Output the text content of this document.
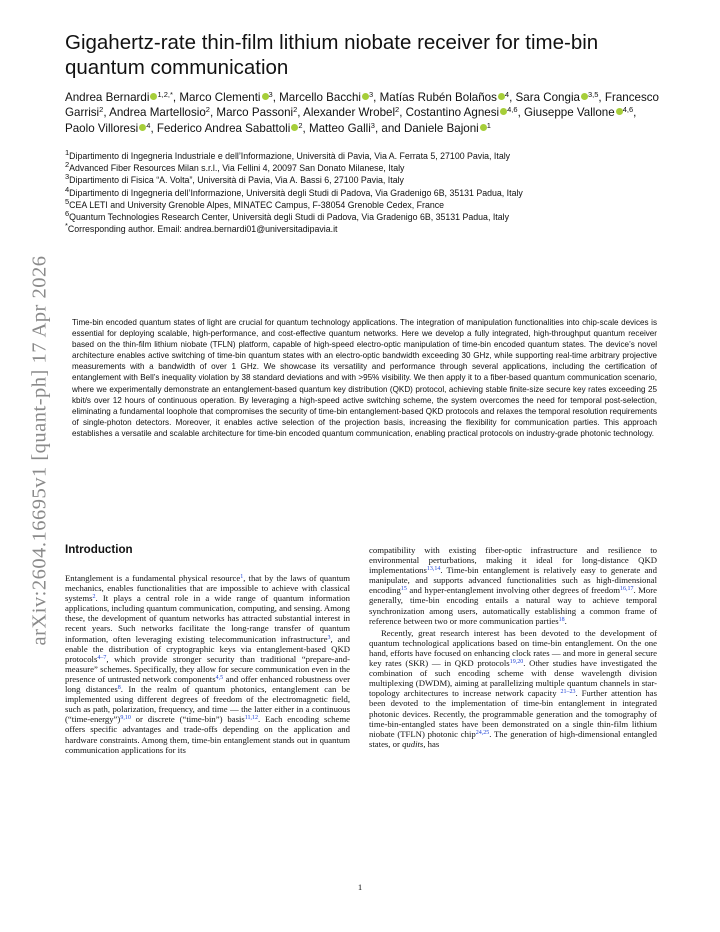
arXiv:2604.16695v1 [quant-ph] 17 Apr 2026
Gigahertz-rate thin-film lithium niobate receiver for time-bin quantum communication
Andrea Bernardi $^{1,2,*}$, Marco Clementi $^3$, Marcello Bacchi $^3$, Matías Rubén Bolaños $^4$, Sara Congia $^{3,5}$, Francesco Garrisi$^2$, Andrea Martellosio$^2$, Marco Passoni$^2$, Alexander Wrobel$^2$, Costantino Agnesi $^{4,6}$, Giuseppe Vallone $^{4,6}$, Paolo Villoresi $^4$, Federico Andrea Sabattoli $^2$, Matteo Galli$^3$, and Daniele Bajoni $^1$
$^1$Dipartimento di Ingegneria Industriale e dell’Informazione, Università di Pavia, Via A. Ferrata 5, 27100 Pavia, Italy
$^2$Advanced Fiber Resources Milan s.r.l., Via Fellini 4, 20097 San Donato Milanese, Italy
$^3$Dipartimento di Fisica “A. Volta”, Università di Pavia, Via A. Bassi 6, 27100 Pavia, Italy
$^4$Dipartimento di Ingegneria dell’Informazione, Università degli Studi di Padova, Via Gradenigo 6B, 35131 Padua, Italy
$^5$CEA LETI and University Grenoble Alpes, MINATEC Campus, F-38054 Grenoble Cedex, France
$^6$Quantum Technologies Research Center, Università degli Studi di Padova, Via Gradenigo 6B, 35131 Padua, Italy
*Corresponding author. Email: andrea.bernardi01@universitadipavia.it
Time-bin encoded quantum states of light are crucial for quantum technology applications. The integration of manipulation functionalities into chip-scale devices is essential for deploying scalable, high-performance, and cost-effective quantum networks. Here we develop a fully integrated, high-throughput quantum receiver based on the thin-film lithium niobate (TFLN) platform, capable of high-speed electro-optic manipulation of time-bin encoded quantum states. The device’s novel architecture enables active switching of time-bin quantum states with an electro-optic bandwidth exceeding 30 GHz, while supporting real-time arbitrary projective measurements with a bandwidth of over 1 GHz. We showcase its versatility and performance through several applications, including the certification of entanglement with Bell’s inequality violation by 38 standard deviations and with >95% visibility. We then apply it to a fiber-based quantum communication scenario, where we experimentally demonstrate an entanglement-based quantum key distribution (QKD) protocol, achieving stable finite-size secure key rates exceeding 25 kbit/s over 12 hours of continuous operation. By leveraging a high-speed active switching scheme, the system overcomes the need for temporal post-selection, eliminating a fundamental loophole that compromises the security of time-bin entanglement-based QKD protocols and relaxes the temporal resolution requirements of single-photon detectors. Moreover, it enables active selection of the projection basis, increasing the flexibility for communication parties. This approach establishes a versatile and scalable architecture for time-bin encoded quantum communication, enabling practical protocols on industry-grade photonic technology.
Introduction

Entanglement is a fundamental physical resource$^1$, that by the laws of quantum mechanics, enables functionalities that are impossible to achieve with classical systems$^2$. It plays a central role in a wide range of quantum information applications, including quantum communication, computing, and sensing. Among these, the development of quantum networks has attracted substantial interest in recent years. Such networks facilitate the long-range transfer of quantum information, often leveraging existing telecommunication infrastructure$^3$, and enable the distribution of cryptographic keys via entanglement-based QKD protocols$^{4-7}$, which provide stronger security than traditional “prepare-and-measure” schemes. Specifically, they allow for secure communication even in the presence of untrusted network components$^{4,5}$ and offer enhanced robustness over long distances$^8$. In the realm of quantum photonics, entanglement can be implemented using different degrees of freedom of the electromagnetic field, such as path, polarization, frequency, and time — the latter either in a continuous (“time-energy”)$^{9,10}$ or discrete (“time-bin”) basis$^{11,12}$. Each encoding scheme offers specific advantages and trade-offs depending on the application and hardware constraints. Among them, time-bin entanglement stands out in quantum communication applications for its

compatibility with existing fiber-optic infrastructure and resilience to environmental perturbations, making it ideal for long-distance QKD implementations$^{13,14}$. Time-bin entanglement is relatively easy to generate and manipulate, and supports advanced functionalities such as high-dimensional encoding$^{15}$ and hyper-entanglement involving other degrees of freedom$^{16,17}$. More generally, time-bin encoding entails a natural way to achieve temporal synchronization among users, automatically establishing a common frame of reference between two or more communication parties$^{18}$.

Recently, great research interest has been devoted to the development of quantum technological applications based on time-bin entanglement. On the one hand, efforts have focused on enhancing clock rates — and more in general secure key rates (SKR) — in QKD protocols$^{19,20}$. Other studies have investigated the combination of such encoding scheme with dense wavelength division multiplexing (DWDM), aiming at parallelizing multiple quantum channels in star-topology architectures to increase network capacity $^{21-23}$. Further attention has been devoted to the implementation of time-bin entanglement in integrated photonic devices. Recently, the programmable generation and the tomography of time-bin-entangled states have been demonstrated on a single thin-film lithium niobate (TFLN) photonic chip$^{24,25}$. The generation of high-dimensional entangled states, or qudits, has

1
